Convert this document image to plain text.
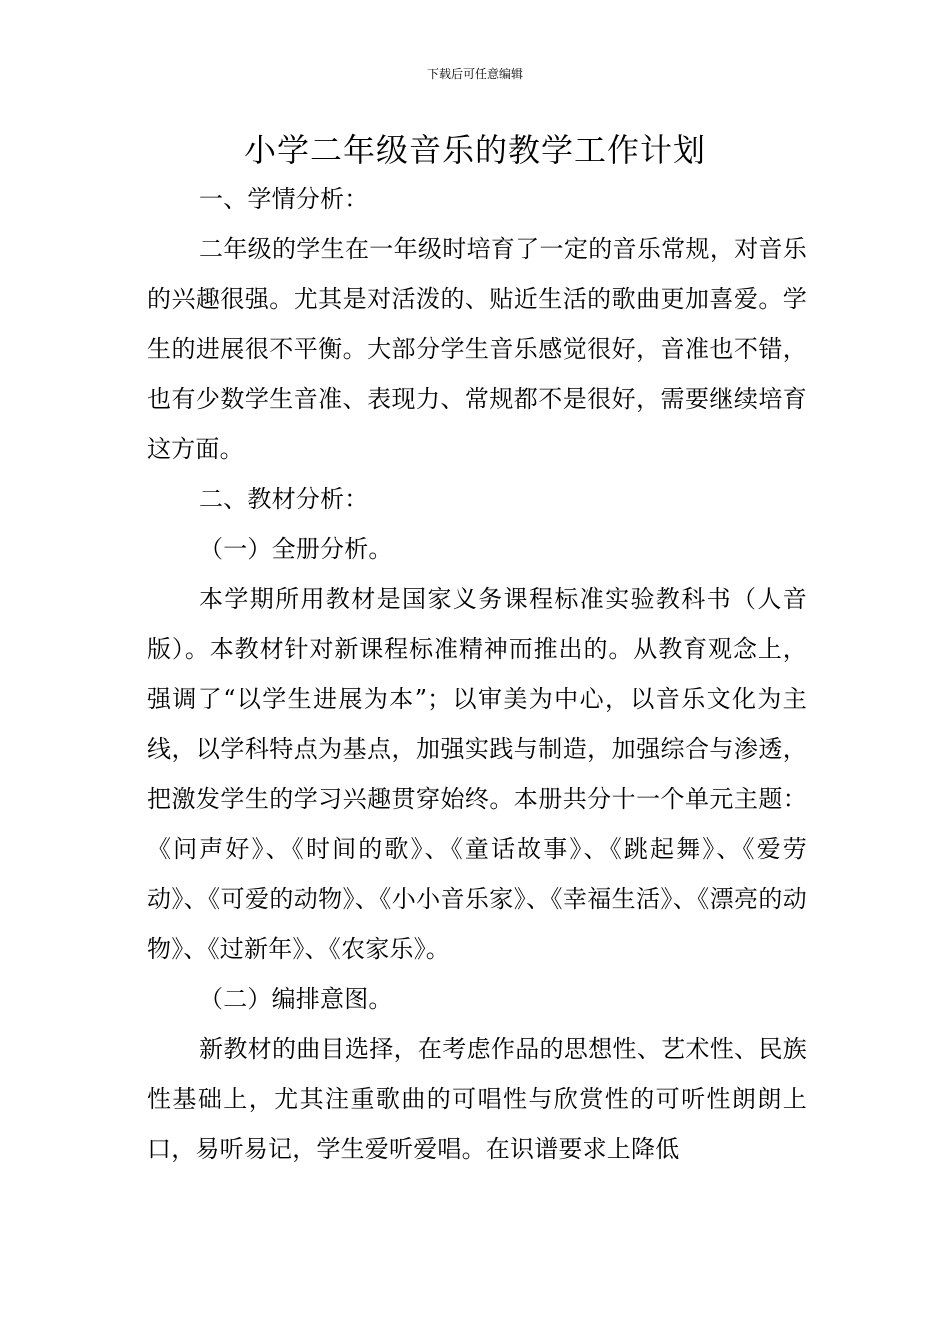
下载后可任意编辑
小学二年级音乐的教学工作计划

一、学情分析：

二年级的学生在一年级时培育了一定的音乐常规，对音乐的兴趣很强。尤其是对活泼的、贴近生活的歌曲更加喜爱。学生的进展很不平衡。大部分学生音乐感觉很好，音准也不错，也有少数学生音准、表现力、常规都不是很好，需要继续培育这方面。

二、教材分析：

（一）全册分析。

本学期所用教材是国家义务课程标准实验教科书（人音版）。本教材针对新课程标准精神而推出的。从教育观念上，强调了“以学生进展为本”；以审美为中心，以音乐文化为主线，以学科特点为基点，加强实践与制造，加强综合与渗透，把激发学生的学习兴趣贯穿始终。本册共分十一个单元主题：《问声好》、《时间的歌》、《童话故事》、《跳起舞》、《爱劳动》、《可爱的动物》、《小小音乐家》、《幸福生活》、《漂亮的动物》、《过新年》、《农家乐》。

（二）编排意图。

新教材的曲目选择，在考虑作品的思想性、艺术性、民族性基础上，尤其注重歌曲的可唱性与欣赏性的可听性朗朗上口，易听易记，学生爱听爱唱。在识谱要求上降低
